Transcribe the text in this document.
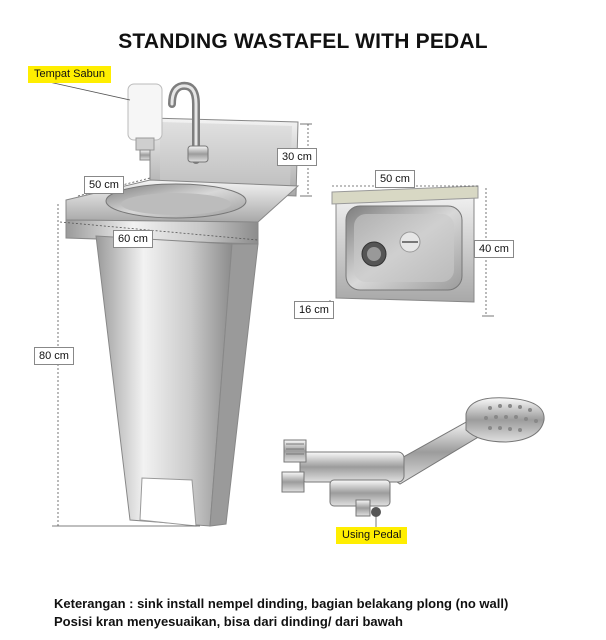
STANDING WASTAFEL WITH PEDAL
Tempat Sabun
Using Pedal
30 cm
50 cm
60 cm
80 cm
50 cm
40 cm
16 cm
Keterangan : sink install nempel dinding, bagian belakang plong (no wall)
Posisi kran menyesuaikan, bisa dari dinding/ dari bawah
